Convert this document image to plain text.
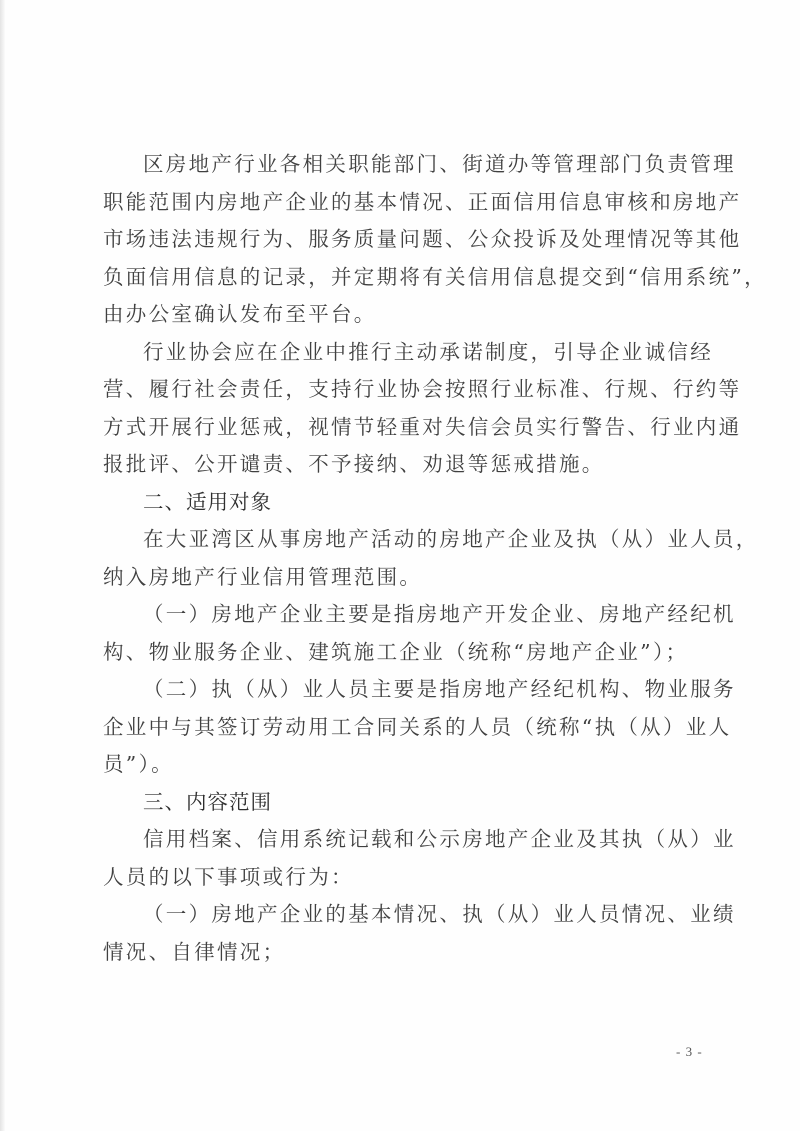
区房地产行业各相关职能部门、街道办等管理部门负责管理
职能范围内房地产企业的基本情况、正面信用信息审核和房地产
市场违法违规行为、服务质量问题、公众投诉及处理情况等其他
负面信用信息的记录，并定期将有关信用信息提交到“信用系统”，
由办公室确认发布至平台。
行业协会应在企业中推行主动承诺制度，引导企业诚信经
营、履行社会责任，支持行业协会按照行业标准、行规、行约等
方式开展行业惩戒，视情节轻重对失信会员实行警告、行业内通
报批评、公开谴责、不予接纳、劝退等惩戒措施。
二、适用对象
在大亚湾区从事房地产活动的房地产企业及执（从）业人员，
纳入房地产行业信用管理范围。
（一）房地产企业主要是指房地产开发企业、房地产经纪机
构、物业服务企业、建筑施工企业（统称“房地产企业”）；
（二）执（从）业人员主要是指房地产经纪机构、物业服务
企业中与其签订劳动用工合同关系的人员（统称“执（从）业人
员”）。
三、内容范围
信用档案、信用系统记载和公示房地产企业及其执（从）业
人员的以下事项或行为：
（一）房地产企业的基本情况、执（从）业人员情况、业绩
情况、自律情况；
- 3 -
